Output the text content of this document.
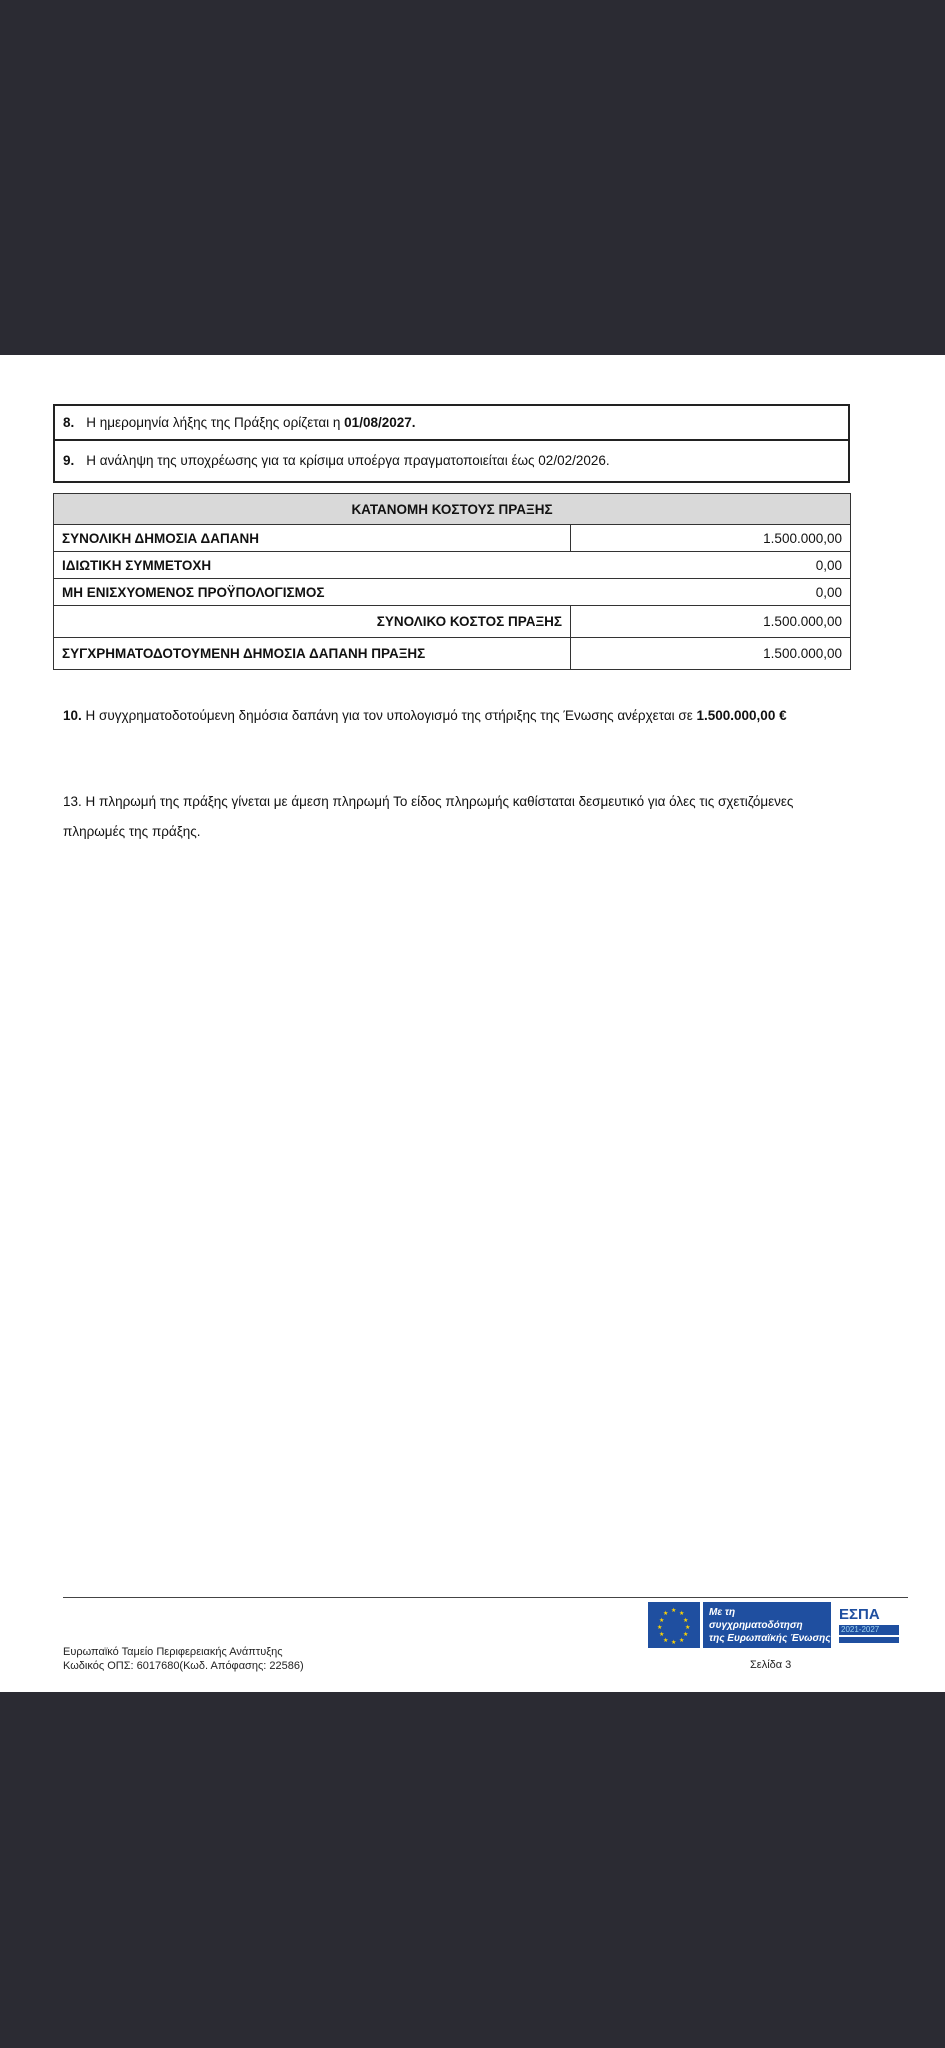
8. Η ημερομηνία λήξης της Πράξης ορίζεται η 01/08/2027.
9. Η ανάληψη της υποχρέωσης για τα κρίσιμα υποέργα πραγματοποιείται έως 02/02/2026.
ΚΑΤΑΝΟΜΗ ΚΟΣΤΟΥΣ ΠΡΑΞΗΣ	
ΣΥΝΟΛΙΚΗ ΔΗΜΟΣΙΑ ΔΑΠΑΝΗ	1.500.000,00
ΙΔΙΩΤΙΚΗ ΣΥΜΜΕΤΟΧΗ	0,00
ΜΗ ΕΝΙΣΧΥΟΜΕΝΟΣ ΠΡΟΫΠΟΛΟΓΙΣΜΟΣ	0,00
ΣΥΝΟΛΙΚΟ ΚΟΣΤΟΣ ΠΡΑΞΗΣ	1.500.000,00
ΣΥΓΧΡΗΜΑΤΟΔΟΤΟΥΜΕΝΗ ΔΗΜΟΣΙΑ ΔΑΠΑΝΗ ΠΡΑΞΗΣ	1.500.000,00
10. Η συγχρηματοδοτούμενη δημόσια δαπάνη για τον υπολογισμό της στήριξης της Ένωσης ανέρχεται σε 1.500.000,00 €
13. Η πληρωμή της πράξης γίνεται με άμεση πληρωμή Το είδος πληρωμής καθίσταται δεσμευτικό για όλες τις σχετιζόμενες πληρωμές της πράξης.
★ ★
★
★
★
★
★
★
★
★
★
★	Με τη συγχρηματοδότηση
της Ευρωπαϊκής Ένωσης
ΕΣΠΑ
2021-2027
Ευρωπαϊκό Ταμείο Περιφερειακής Ανάπτυξης
Κωδικός ΟΠΣ: 6017680(Κωδ. Απόφασης: 22586)	Σελίδα 3
